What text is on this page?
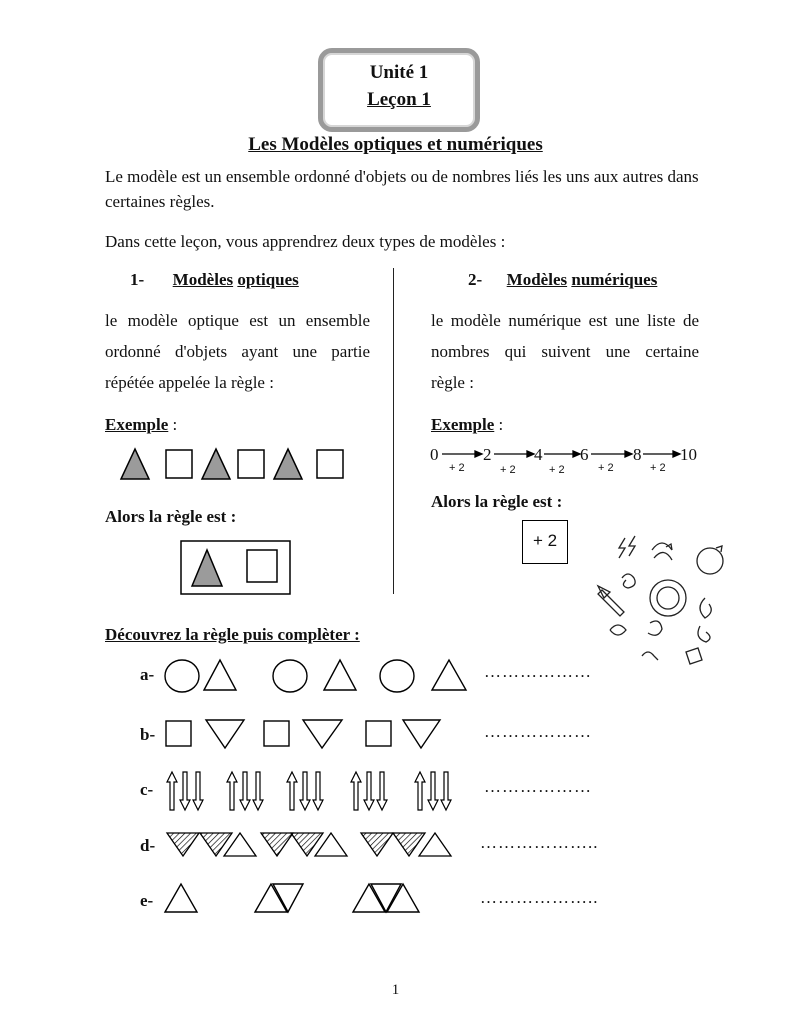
Unité 1
Leçon 1
Les Modèles optiques et numériques
Le modèle est un ensemble ordonné d'objets ou de nombres liés les uns aux autres dans certaines règles.
Dans cette leçon, vous apprendrez deux types de modèles :
1- Modèles optiques
le modèle optique est un ensemble
ordonné d'objets ayant une partie
répétée appelée la règle :
Exemple :
Alors la règle est :
2- Modèles numériques
le modèle numérique est une liste de
nombres qui suivent une certaine
règle :
Exemple :
0	2	4 6	8 10
+ 2	+ 2	+ 2	+ 2	+ 2
Alors la règle est :
+ 2
Découvrez la règle puis complèter :
a-	………………
b-	………………
c-	………………
d-	………………..
e-	………………..
1
